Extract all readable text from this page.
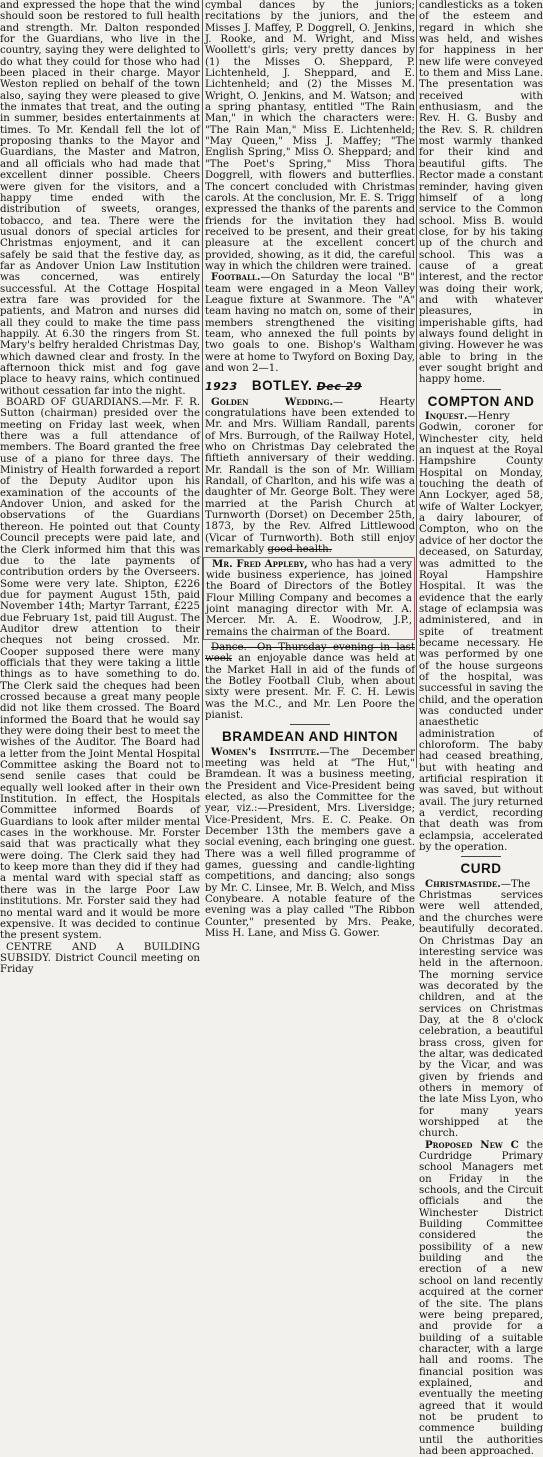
and expressed the hope that the wind should soon be restored to full health and strength. Mr. Dalton responded for the Guardians, who live in the country, saying they were delighted to do what they could for those who had been placed in their charge. Mayor Weston replied on behalf of the town also, saying they were pleased to give the inmates that treat, and the outing in summer, besides entertainments at times. To Mr. Kendall fell the lot of proposing thanks to the Mayor and Guardians, the Master and Matron, and all officials who had made that excellent dinner possible. Cheers were given for the visitors, and a happy time ended with the distribution of sweets, oranges, tobacco, and tea. There were the usual donors of special articles for Christmas enjoyment, and it can safely be said that the festive day, as far as Andover Union Law Institution was concerned, was entirely successful. At the Cottage Hospital extra fare was provided for the patients, and Matron and nurses did all they could to make the time pass happily. At 6.30 the ringers from St. Mary's belfry heralded Christmas Day, which dawned clear and frosty. In the afternoon thick mist and fog gave place to heavy rains, which continued without cessation far into the night.

BOARD OF GUARDIANS.—Mr. F. R. Sutton (chairman) presided over the meeting on Friday last week, when there was a full attendance of members. The Board granted the free use of a piano for three days. The Ministry of Health forwarded a report of the Deputy Auditor upon his examination of the accounts of the Andover Union, and asked for the observations of the Guardians thereon. He pointed out that County Council precepts were paid late, and the Clerk informed him that this was due to the late payments of contribution orders by the Overseers. Some were very late. Shipton, £226 due for payment August 15th, paid November 14th; Martyr Tarrant, £225 due February 1st, paid till August. The Auditor drew attention to their cheques not being crossed. Mr. Cooper supposed there were many officials that they were taking a little things as to have something to do. The Clerk said the cheques had been crossed because a great many people did not like them crossed. The Board informed the Board that he would say they were doing their best to meet the wishes of the Auditor. The Board had a letter from the Joint Mental Hospital Committee asking the Board not to send senile cases that could be equally well looked after in their own Institution. In effect, the Hospitals Committee informed Boards of Guardians to look after milder mental cases in the workhouse. Mr. Forster said that was practically what they were doing. The Clerk said they had to keep more than they did if they had a mental ward with special staff as there was in the large Poor Law institutions. Mr. Forster said they had no mental ward and it would be more expensive. It was decided to continue the present system.

CENTRE AND A BUILDING SUBSIDY. District Council meeting on Friday

cymbal dances by the juniors; recitations by the juniors, and the Misses J. Maffey, P. Doggrell, O. Jenkins, J. Rooke, and M. Wright, and Miss Woollett's girls; very pretty dances by (1) the Misses O. Sheppard, P. Lichtenheld, J. Sheppard, and E. Lichtenheld; and (2) the Misses M. Wright, O. Jenkins, and M. Watson; and a spring phantasy, entitled "The Rain Man," in which the characters were: "The Rain Man," Miss E. Lichtenheld; "May Queen," Miss J. Maffey; "The English Spring," Miss O. Sheppard; and "The Poet's Spring," Miss Thora Doggrell, with flowers and butterflies. The concert concluded with Christmas carols. At the conclusion, Mr. E. S. Trigg expressed the thanks of the parents and friends for the invitation they had received to be present, and their great pleasure at the excellent concert provided, showing, as it did, the careful way in which the children were trained.

Football.—On Saturday the local "B" team were engaged in a Meon Valley League fixture at Swanmore. The "A" team having no match on, some of their members strengthened the visiting team, who annexed the full points by two goals to one. Bishop's Waltham were at home to Twyford on Boxing Day, and won 2—1.

1923 BOTLEY. Dec 29

Golden Wedding.— Hearty congratulations have been extended to Mr. and Mrs. William Randall, parents of Mrs. Burrough, of the Railway Hotel, who on Christmas Day celebrated the fiftieth anniversary of their wedding. Mr. Randall is the son of Mr. William Randall, of Charlton, and his wife was a daughter of Mr. George Bolt. They were married at the Parish Church at Turnworth (Dorset) on December 25th, 1873, by the Rev. Alfred Littlewood (Vicar of Turnworth). Both still enjoy remarkably good health.

Mr. Fred Appleby, who has had a very wide business experience, has joined the Board of Directors of the Botley Flour Milling Company and becomes a joint managing director with Mr. A. Mercer. Mr. A. E. Woodrow, J.P., remains the chairman of the Board.

Dance.—On Thursday evening in last week an enjoyable dance was held at the Market Hall in aid of the funds of the Botley Football Club, when about sixty were present. Mr. F. C. H. Lewis was the M.C., and Mr. Len Poore the pianist.

BRAMDEAN AND HINTON

Women's Institute.—The December meeting was held at "The Hut," Bramdean. It was a business meeting, the President and Vice-President being elected, as also the Committee for the year, viz.:—President, Mrs. Liversidge; Vice-President, Mrs. E. C. Peake. On December 13th the members gave a social evening, each bringing one guest. There was a well filled programme of games, guessing and candle-lighting competitions, and dancing; also songs by Mr. C. Linsee, Mr. B. Welch, and Miss Conybeare. A notable feature of the evening was a play called "The Ribbon Counter," presented by Mrs. Peake, Miss H. Lane, and Miss G. Gower.

candlesticks as a token of the esteem and regard in which she was held, and wishes for happiness in her new life were conveyed to them and Miss Lane. The presentation was received with enthusiasm, and the Rev. H. G. Busby and the Rev. S. R. children most warmly thanked for their kind and beautiful gifts. The Rector made a constant reminder, having given himself of a long service to the Common school. Miss B. would close, for by his taking up of the church and school. This was a cause of a great interest, and the rector was doing their work, and with whatever pleasures, in imperishable gifts, had always found delight in giving. However he was able to bring in the ever sought bright and happy home.

COMPTON AND

Inquest.—Henry Godwin, coroner for Winchester city, held an inquest at the Royal Hampshire County Hospital on Monday, touching the death of Ann Lockyer, aged 58, wife of Walter Lockyer, a dairy labourer, of Compton, who on the advice of her doctor the deceased, on Saturday, was admitted to the Royal Hampshire Hospital. It was the evidence that the early stage of eclampsia was administered, and in spite of treatment became necessary. He was performed by one of the house surgeons of the hospital, was successful in saving the child, and the operation was conducted under anaesthetic administration of chloroform. The baby had ceased breathing, but with heating and artificial respiration it was saved, but without avail. The jury returned a verdict, recording that death was from eclampsia, accelerated by the operation.

CURD

Christmastide.—The Christmas services were well attended, and the churches were beautifully decorated. On Christmas Day an interesting service was held in the afternoon. The morning service was decorated by the children, and at the services on Christmas Day, at the 8 o'clock celebration, a beautiful brass cross, given for the altar, was dedicated by the Vicar, and was given by friends and others in memory of the late Miss Lyon, who for many years worshipped at the church.

Proposed New C the Curdridge Primary school Managers met on Friday in the schools, and the Circuit officials and the Winchester District Building Committee considered the possibility of a new building and the erection of a new school on land recently acquired at the corner of the site. The plans were being prepared, and provide for a building of a suitable character, with a large hall and rooms. The financial position was explained, and eventually the meeting agreed that it would not be prudent to commence building until the authorities had been approached.
